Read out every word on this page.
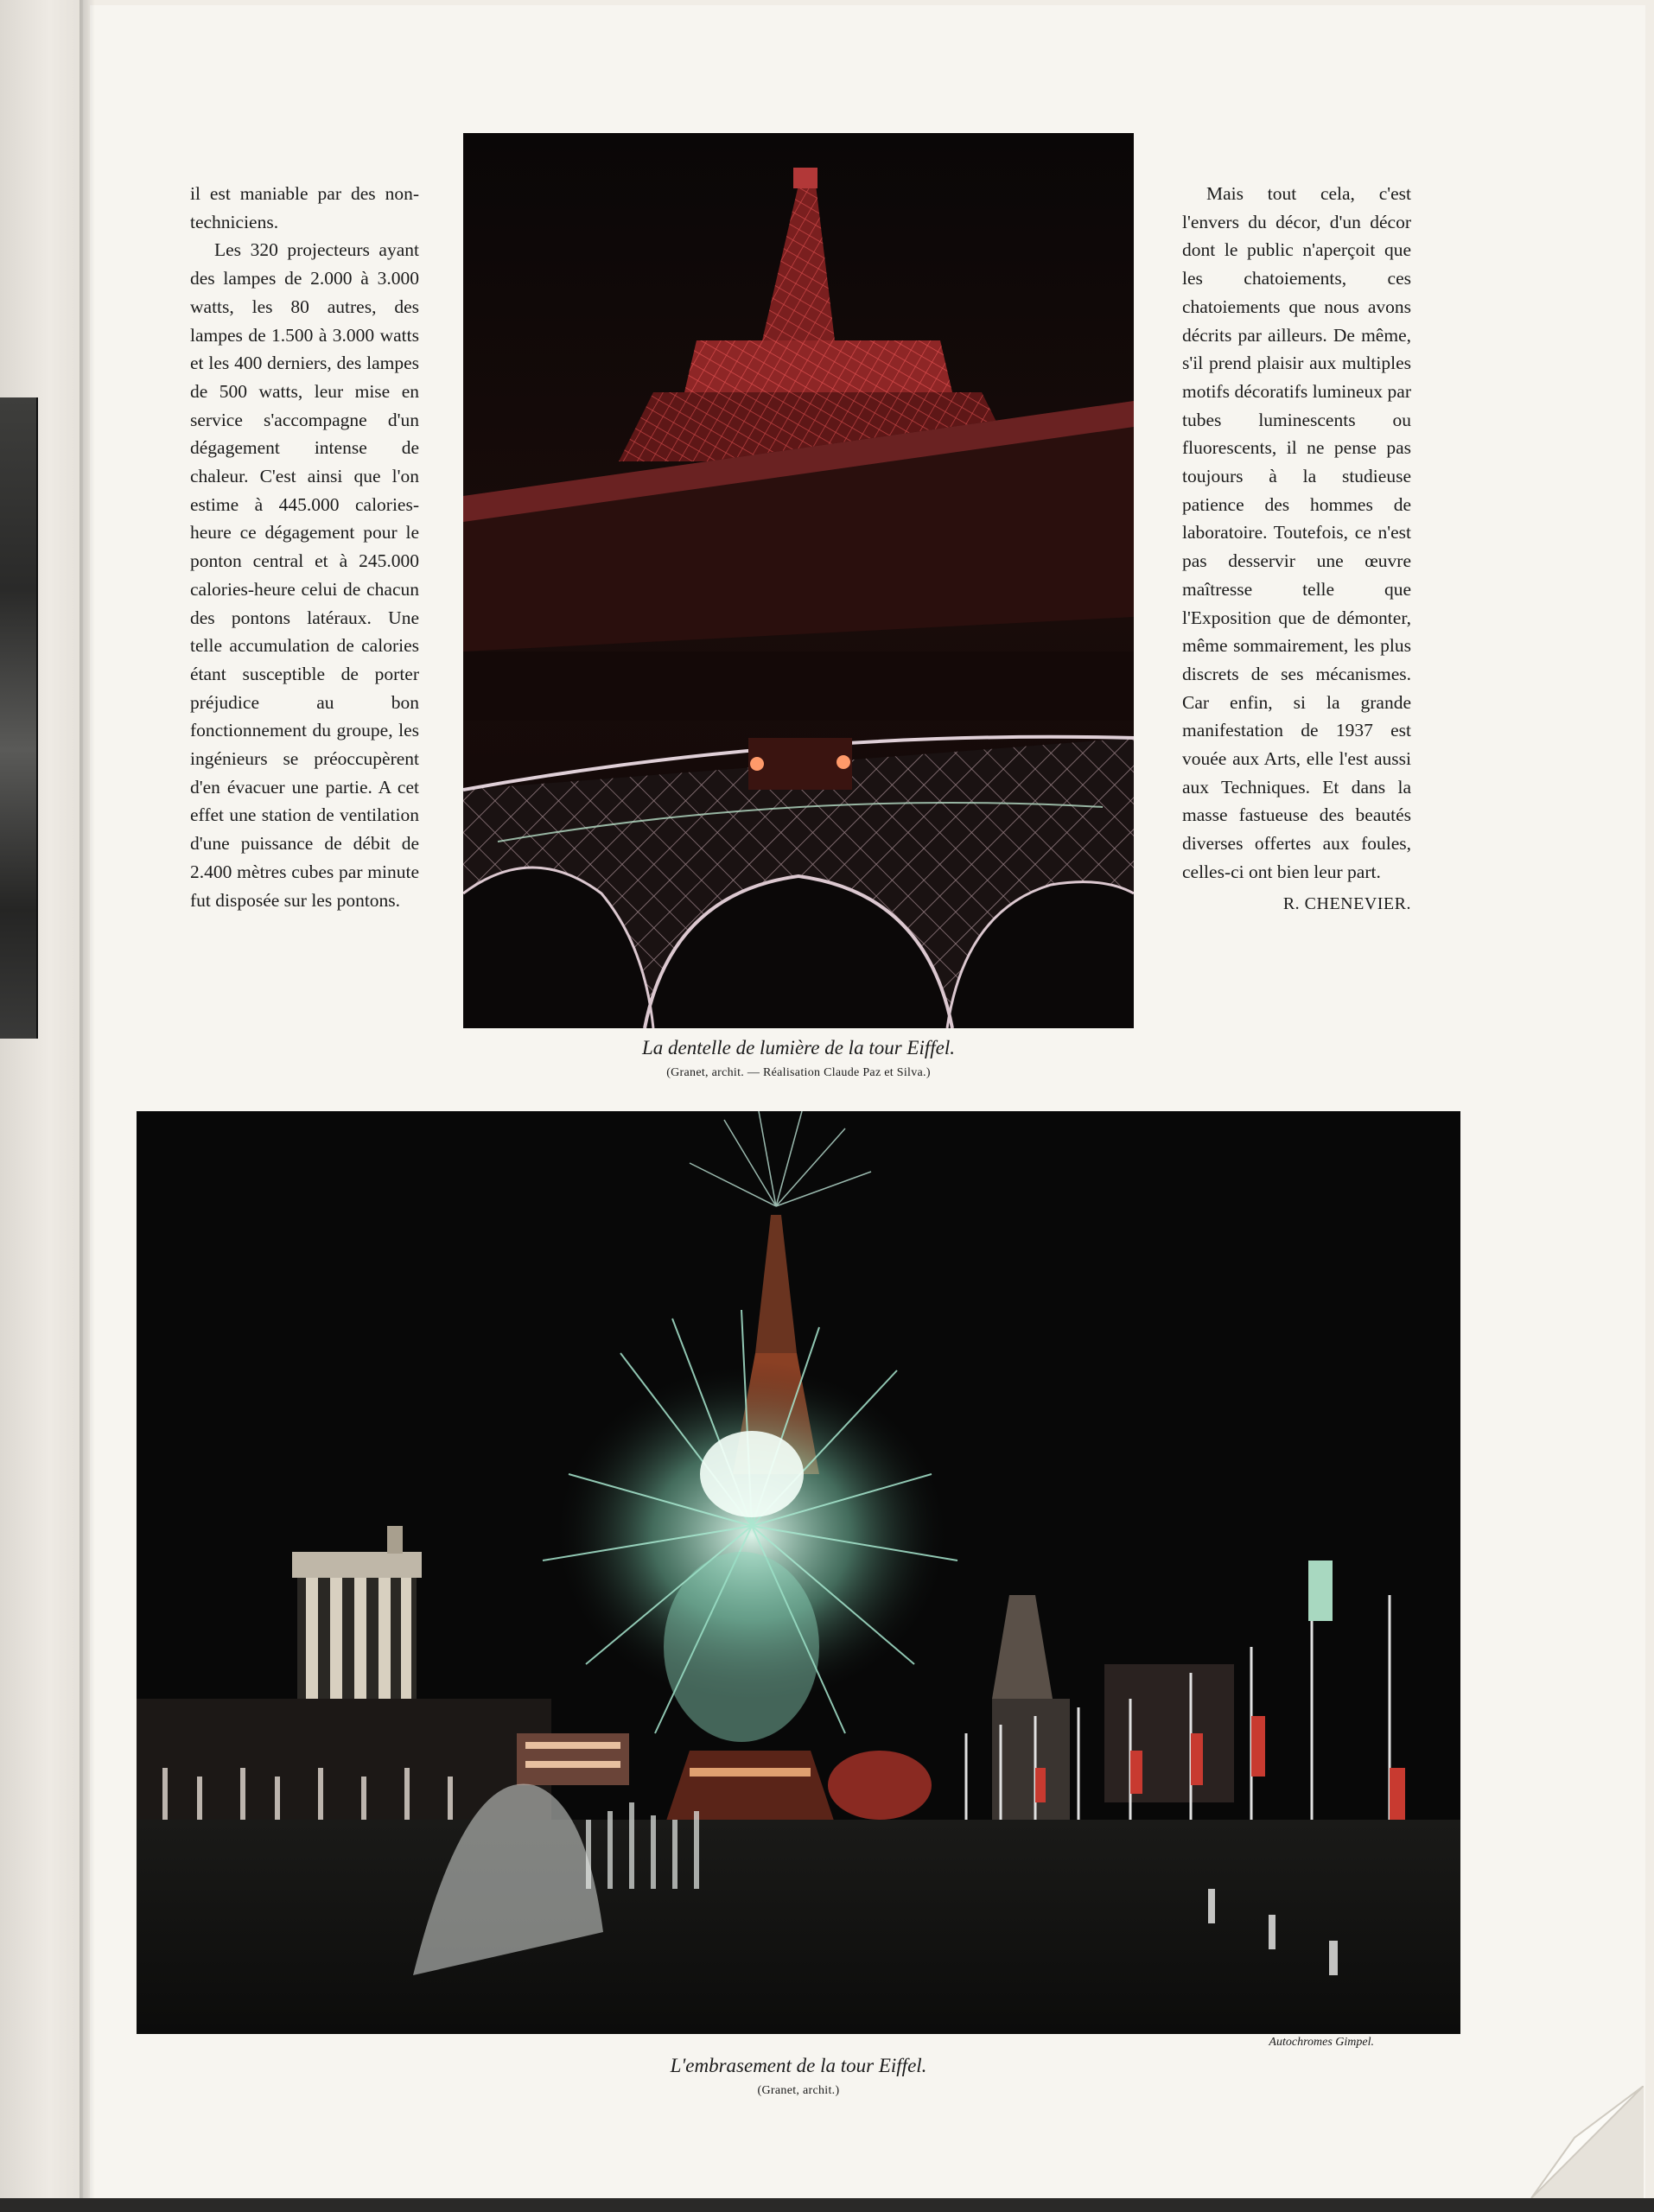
il est maniable par des non-techniciens.

Les 320 projecteurs ayant des lampes de 2.000 à 3.000 watts, les 80 autres, des lampes de 1.500 à 3.000 watts et les 400 derniers, des lampes de 500 watts, leur mise en service s'accompagne d'un dégagement intense de chaleur. C'est ainsi que l'on estime à 445.000 calories-heure ce dégagement pour le ponton central et à 245.000 calories-heure celui de chacun des pontons latéraux. Une telle accumulation de calories étant susceptible de porter préjudice au bon fonctionnement du groupe, les ingénieurs se préoccupèrent d'en évacuer une partie. A cet effet une station de ventilation d'une puissance de débit de 2.400 mètres cubes par minute fut disposée sur les pontons.

La dentelle de lumière de la tour Eiffel.
(Granet, archit. — Réalisation Claude Paz et Silva.)

Mais tout cela, c'est l'envers du décor, d'un décor dont le public n'aperçoit que les chatoiements, ces chatoiements que nous avons décrits par ailleurs. De même, s'il prend plaisir aux multiples motifs décoratifs lumineux par tubes luminescents ou fluorescents, il ne pense pas toujours à la studieuse patience des hommes de laboratoire. Toutefois, ce n'est pas desservir une œuvre maîtresse telle que l'Exposition que de démonter, même sommairement, les plus discrets de ses mécanismes. Car enfin, si la grande manifestation de 1937 est vouée aux Arts, elle l'est aussi aux Techniques. Et dans la masse fastueuse des beautés diverses offertes aux foules, celles-ci ont bien leur part.

R. CHENEVIER.

Autochromes Gimpel.
L'embrasement de la tour Eiffel.
(Granet, archit.)
